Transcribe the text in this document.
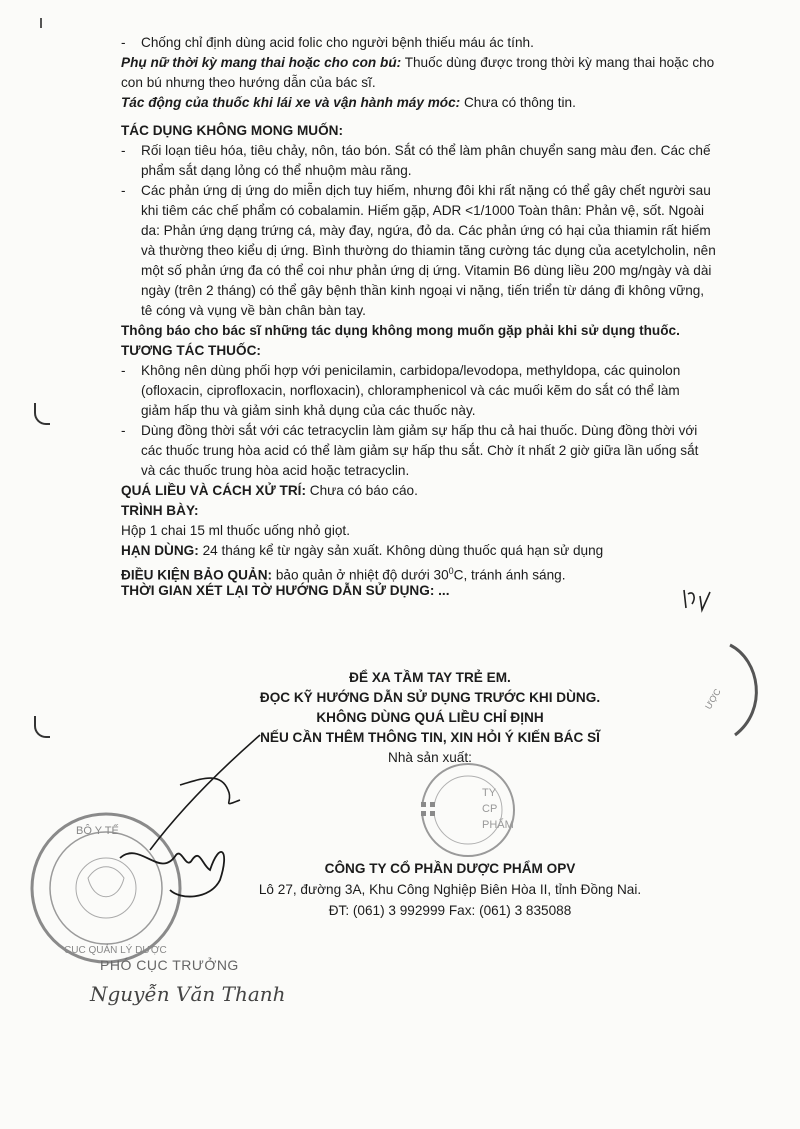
- Chống chỉ định dùng acid folic cho người bệnh thiếu máu ác tính.
Phụ nữ thời kỳ mang thai hoặc cho con bú: Thuốc dùng được trong thời kỳ mang thai hoặc cho
con bú nhưng theo hướng dẫn của bác sĩ.
Tác động của thuốc khi lái xe và vận hành máy móc: Chưa có thông tin.
TÁC DỤNG KHÔNG MONG MUỐN:
- Rối loạn tiêu hóa, tiêu chảy, nôn, táo bón. Sắt có thể làm phân chuyển sang màu đen. Các chế
phẩm sắt dạng lỏng có thể nhuộm màu răng.
- Các phản ứng dị ứng do miễn dịch tuy hiếm, nhưng đôi khi rất nặng có thể gây chết người sau
khi tiêm các chế phẩm có cobalamin. Hiếm gặp, ADR <1/1000 Toàn thân: Phản vệ, sốt. Ngoài
da: Phản ứng dạng trứng cá, mày đay, ngứa, đỏ da. Các phản ứng có hại của thiamin rất hiếm
và thường theo kiểu dị ứng. Bình thường do thiamin tăng cường tác dụng của acetylcholin, nên
một số phản ứng đa có thể coi như phản ứng dị ứng. Vitamin B6 dùng liều 200 mg/ngày và dài
ngày (trên 2 tháng) có thể gây bệnh thần kinh ngoại vi nặng, tiến triển từ dáng đi không vững,
tê cóng và vụng về bàn chân bàn tay.
Thông báo cho bác sĩ những tác dụng không mong muốn gặp phải khi sử dụng thuốc.
TƯƠNG TÁC THUỐC:
- Không nên dùng phối hợp với penicilamin, carbidopa/levodopa, methyldopa, các quinolon
(ofloxacin, ciprofloxacin, norfloxacin), chloramphenicol và các muối kẽm do sắt có thể làm
giảm hấp thu và giảm sinh khả dụng của các thuốc này.
- Dùng đồng thời sắt với các tetracyclin làm giảm sự hấp thu cả hai thuốc. Dùng đồng thời với
các thuốc trung hòa acid có thể làm giảm sự hấp thu sắt. Chờ ít nhất 2 giờ giữa lần uống sắt
và các thuốc trung hòa acid hoặc tetracyclin.
QUÁ LIỀU VÀ CÁCH XỬ TRÍ: Chưa có báo cáo.
TRÌNH BÀY:
Hộp 1 chai 15 ml thuốc uống nhỏ giọt.
HẠN DÙNG: 24 tháng kể từ ngày sản xuất. Không dùng thuốc quá hạn sử dụng
ĐIỀU KIỆN BẢO QUẢN: bảo quản ở nhiệt độ dưới $30^0C$, tránh ánh sáng.
THỜI GIAN XÉT LẠI TỜ HƯỚNG DẪN SỬ DỤNG: ...
ƯỢC
ĐỂ XA TẦM TAY TRẺ EM.
ĐỌC KỸ HƯỚNG DẪN SỬ DỤNG TRƯỚC KHI DÙNG.
KHÔNG DÙNG QUÁ LIỀU CHỈ ĐỊNH
NẾU CẦN THÊM THÔNG TIN, XIN HỎI Ý KIẾN BÁC SĨ
Nhà sản xuất:
TY
CP
PHẨM
BỘ Y TẾ
CỤC QUẢN LÝ DƯỢC
CÔNG TY CỔ PHẦN DƯỢC PHẨM OPV
Lô 27, đường 3A, Khu Công Nghiệp Biên Hòa II, tỉnh Đồng Nai.
ĐT: (061) 3 992999 Fax: (061) 3 835088
PHÓ CỤC TRƯỞNG
Nguyễn Văn Thanh
